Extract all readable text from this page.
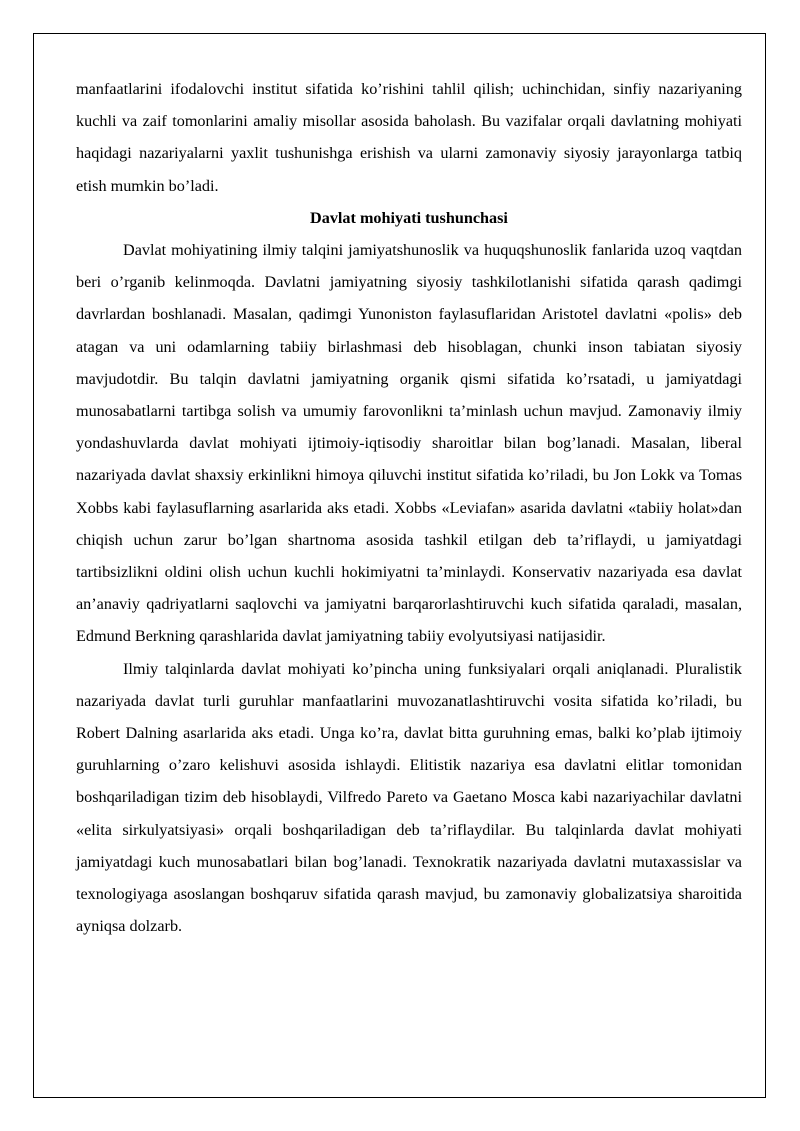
manfaatlarini ifodalovchi institut sifatida ko’rishini tahlil qilish; uchinchidan, sinfiy nazariyaning kuchli va zaif tomonlarini amaliy misollar asosida baholash. Bu vazifalar orqali davlatning mohiyati haqidagi nazariyalarni yaxlit tushunishga erishish va ularni zamonaviy siyosiy jarayonlarga tatbiq etish mumkin bo’ladi.

Davlat mohiyati tushunchasi

Davlat mohiyatining ilmiy talqini jamiyatshunoslik va huquqshunoslik fanlarida uzoq vaqtdan beri o’rganib kelinmoqda. Davlatni jamiyatning siyosiy tashkilotlanishi sifatida qarash qadimgi davrlardan boshlanadi. Masalan, qadimgi Yunoniston faylasuflaridan Aristotel davlatni «polis» deb atagan va uni odamlarning tabiiy birlashmasi deb hisoblagan, chunki inson tabiatan siyosiy mavjudotdir. Bu talqin davlatni jamiyatning organik qismi sifatida ko’rsatadi, u jamiyatdagi munosabatlarni tartibga solish va umumiy farovonlikni ta’minlash uchun mavjud. Zamonaviy ilmiy yondashuvlarda davlat mohiyati ijtimoiy-iqtisodiy sharoitlar bilan bog’lanadi. Masalan, liberal nazariyada davlat shaxsiy erkinlikni himoya qiluvchi institut sifatida ko’riladi, bu Jon Lokk va Tomas Xobbs kabi faylasuflarning asarlarida aks etadi. Xobbs «Leviafan» asarida davlatni «tabiiy holat»dan chiqish uchun zarur bo’lgan shartnoma asosida tashkil etilgan deb ta’riflaydi, u jamiyatdagi tartibsizlikni oldini olish uchun kuchli hokimiyatni ta’minlaydi. Konservativ nazariyada esa davlat an’anaviy qadriyatlarni saqlovchi va jamiyatni barqarorlashtiruvchi kuch sifatida qaraladi, masalan, Edmund Berkning qarashlarida davlat jamiyatning tabiiy evolyutsiyasi natijasidir.

Ilmiy talqinlarda davlat mohiyati ko’pincha uning funksiyalari orqali aniqlanadi. Pluralistik nazariyada davlat turli guruhlar manfaatlarini muvozanatlashtiruvchi vosita sifatida ko’riladi, bu Robert Dalning asarlarida aks etadi. Unga ko’ra, davlat bitta guruhning emas, balki ko’plab ijtimoiy guruhlarning o’zaro kelishuvi asosida ishlaydi. Elitistik nazariya esa davlatni elitlar tomonidan boshqariladigan tizim deb hisoblaydi, Vilfredo Pareto va Gaetano Mosca kabi nazariyachilar davlatni «elita sirkulyatsiyasi» orqali boshqariladigan deb ta’riflaydilar. Bu talqinlarda davlat mohiyati jamiyatdagi kuch munosabatlari bilan bog’lanadi. Texnokratik nazariyada davlatni mutaxassislar va texnologiyaga asoslangan boshqaruv sifatida qarash mavjud, bu zamonaviy globalizatsiya sharoitida ayniqsa dolzarb.
